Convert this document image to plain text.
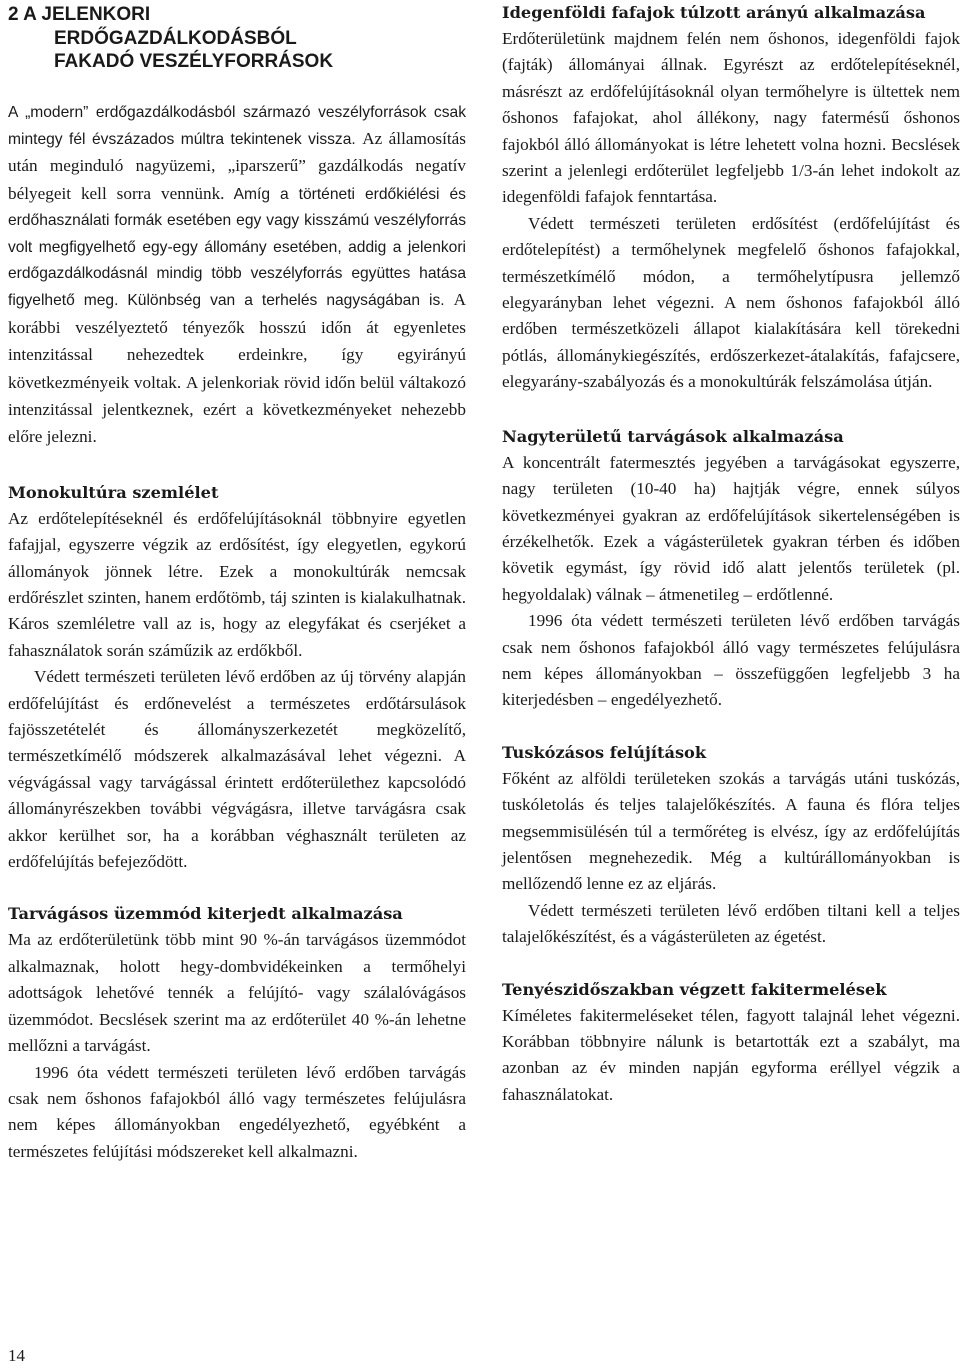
2 A JELENKORI
ERDŐGAZDÁLKODÁSBÓL
FAKADÓ VESZÉLYFORRÁSOK

A „modern” erdőgazdálkodásból származó veszélyforrások csak mintegy fél évszázados múltra tekintenek vissza. Az államosítás után meginduló nagyüzemi, „iparszerű” gazdálkodás negatív bélyegeit kell sorra vennünk. Amíg a történeti erdőkiélési és erdőhasználati formák esetében egy vagy kisszámú veszélyforrás volt megfigyelhető egy-egy állomány esetében, addig a jelenkori erdőgazdálkodásnál mindig több veszélyforrás együttes hatása figyelhető meg. Különbség van a terhelés nagyságában is. A korábbi veszélyeztető tényezők hosszú időn át egyenletes intenzitással nehezedtek erdeinkre, így egyirányú következményeik voltak. A jelenkoriak rövid időn belül váltakozó intenzitással jelentkeznek, ezért a következményeket nehezebb előre jelezni.

Monokultúra szemlélet

Az erdőtelepítéseknél és erdőfelújításoknál többnyire egyetlen fafajjal, egyszerre végzik az erdősítést, így elegyetlen, egykorú állományok jönnek létre. Ezek a monokultúrák nemcsak erdőrészlet szinten, hanem erdőtömb, táj szinten is kialakulhatnak. Káros szemléletre vall az is, hogy az elegyfákat és cserjéket a fahasználatok során száműzik az erdőkből.

Védett természeti területen lévő erdőben az új törvény alapján erdőfelújítást és erdőnevelést a természetes erdőtársulások fajösszetételét és állományszerkezetét megközelítő, természetkímélő módszerek alkalmazásával lehet végezni. A végvágással vagy tarvágással érintett erdőterülethez kapcsolódó állományrészekben további végvágásra, illetve tarvágásra csak akkor kerülhet sor, ha a korábban véghasznált területen az erdőfelújítás befejeződött.

Tarvágásos üzemmód kiterjedt alkalmazása

Ma az erdőterületünk több mint 90 %-án tarvágásos üzemmódot alkalmaznak, holott hegy-dombvidékeinken a termőhelyi adottságok lehetővé tennék a felújító- vagy szálalóvágásos üzemmódot. Becslések szerint ma az erdőterület 40 %-án lehetne mellőzni a tarvágást.

1996 óta védett természeti területen lévő erdőben tarvágás csak nem őshonos fafajokból álló vagy természetes felújulásra nem képes állományokban engedélyezhető, egyébként a természetes felújítási módszereket kell alkalmazni.

Idegenföldi fafajok túlzott arányú alkalmazása

Erdőterületünk majdnem felén nem őshonos, idegenföldi fajok (fajták) állományai állnak. Egyrészt az erdőtelepítéseknél, másrészt az erdőfelújításoknál olyan termőhelyre is ültettek nem őshonos fafajokat, ahol állékony, nagy fatermésű őshonos fajokból álló állományokat is létre lehetett volna hozni. Becslések szerint a jelenlegi erdőterület legfeljebb 1/3-án lehet indokolt az idegenföldi fafajok fenntartása.

Védett természeti területen erdősítést (erdőfelújítást és erdőtelepítést) a termőhelynek megfelelő őshonos fafajokkal, természetkímélő módon, a termőhelytípusra jellemző elegyarányban lehet végezni. A nem őshonos fafajokból álló erdőben természetközeli állapot kialakítására kell törekedni pótlás, állománykiegészítés, erdőszerkezet-átalakítás, fafajcsere, elegyarány-szabályozás és a monokultúrák felszámolása útján.

Nagyterületű tarvágások alkalmazása

A koncentrált fatermesztés jegyében a tarvágásokat egyszerre, nagy területen (10-40 ha) hajtják végre, ennek súlyos következményei gyakran az erdőfelújítások sikertelenségében is érzékelhetők. Ezek a vágásterületek gyakran térben és időben követik egymást, így rövid idő alatt jelentős területek (pl. hegyoldalak) válnak – átmenetileg – erdőtlenné.

1996 óta védett természeti területen lévő erdőben tarvágás csak nem őshonos fafajokból álló vagy természetes felújulásra nem képes állományokban – összefüggően legfeljebb 3 ha kiterjedésben – engedélyezhető.

Tuskózásos felújítások

Főként az alföldi területeken szokás a tarvágás utáni tuskózás, tuskóletolás és teljes talajelőkészítés. A fauna és flóra teljes megsemmisülésén túl a termőréteg is elvész, így az erdőfelújítás jelentősen megnehezedik. Még a kultúrállományokban is mellőzendő lenne ez az eljárás.

Védett természeti területen lévő erdőben tiltani kell a teljes talajelőkészítést, és a vágásterületen az égetést.

Tenyészidőszakban végzett fakitermelések

Kíméletes fakitermeléseket télen, fagyott talajnál lehet végezni. Korábban többnyire nálunk is betartották ezt a szabályt, ma azonban az év minden napján egyforma eréllyel végzik a fahasználatokat.

14
